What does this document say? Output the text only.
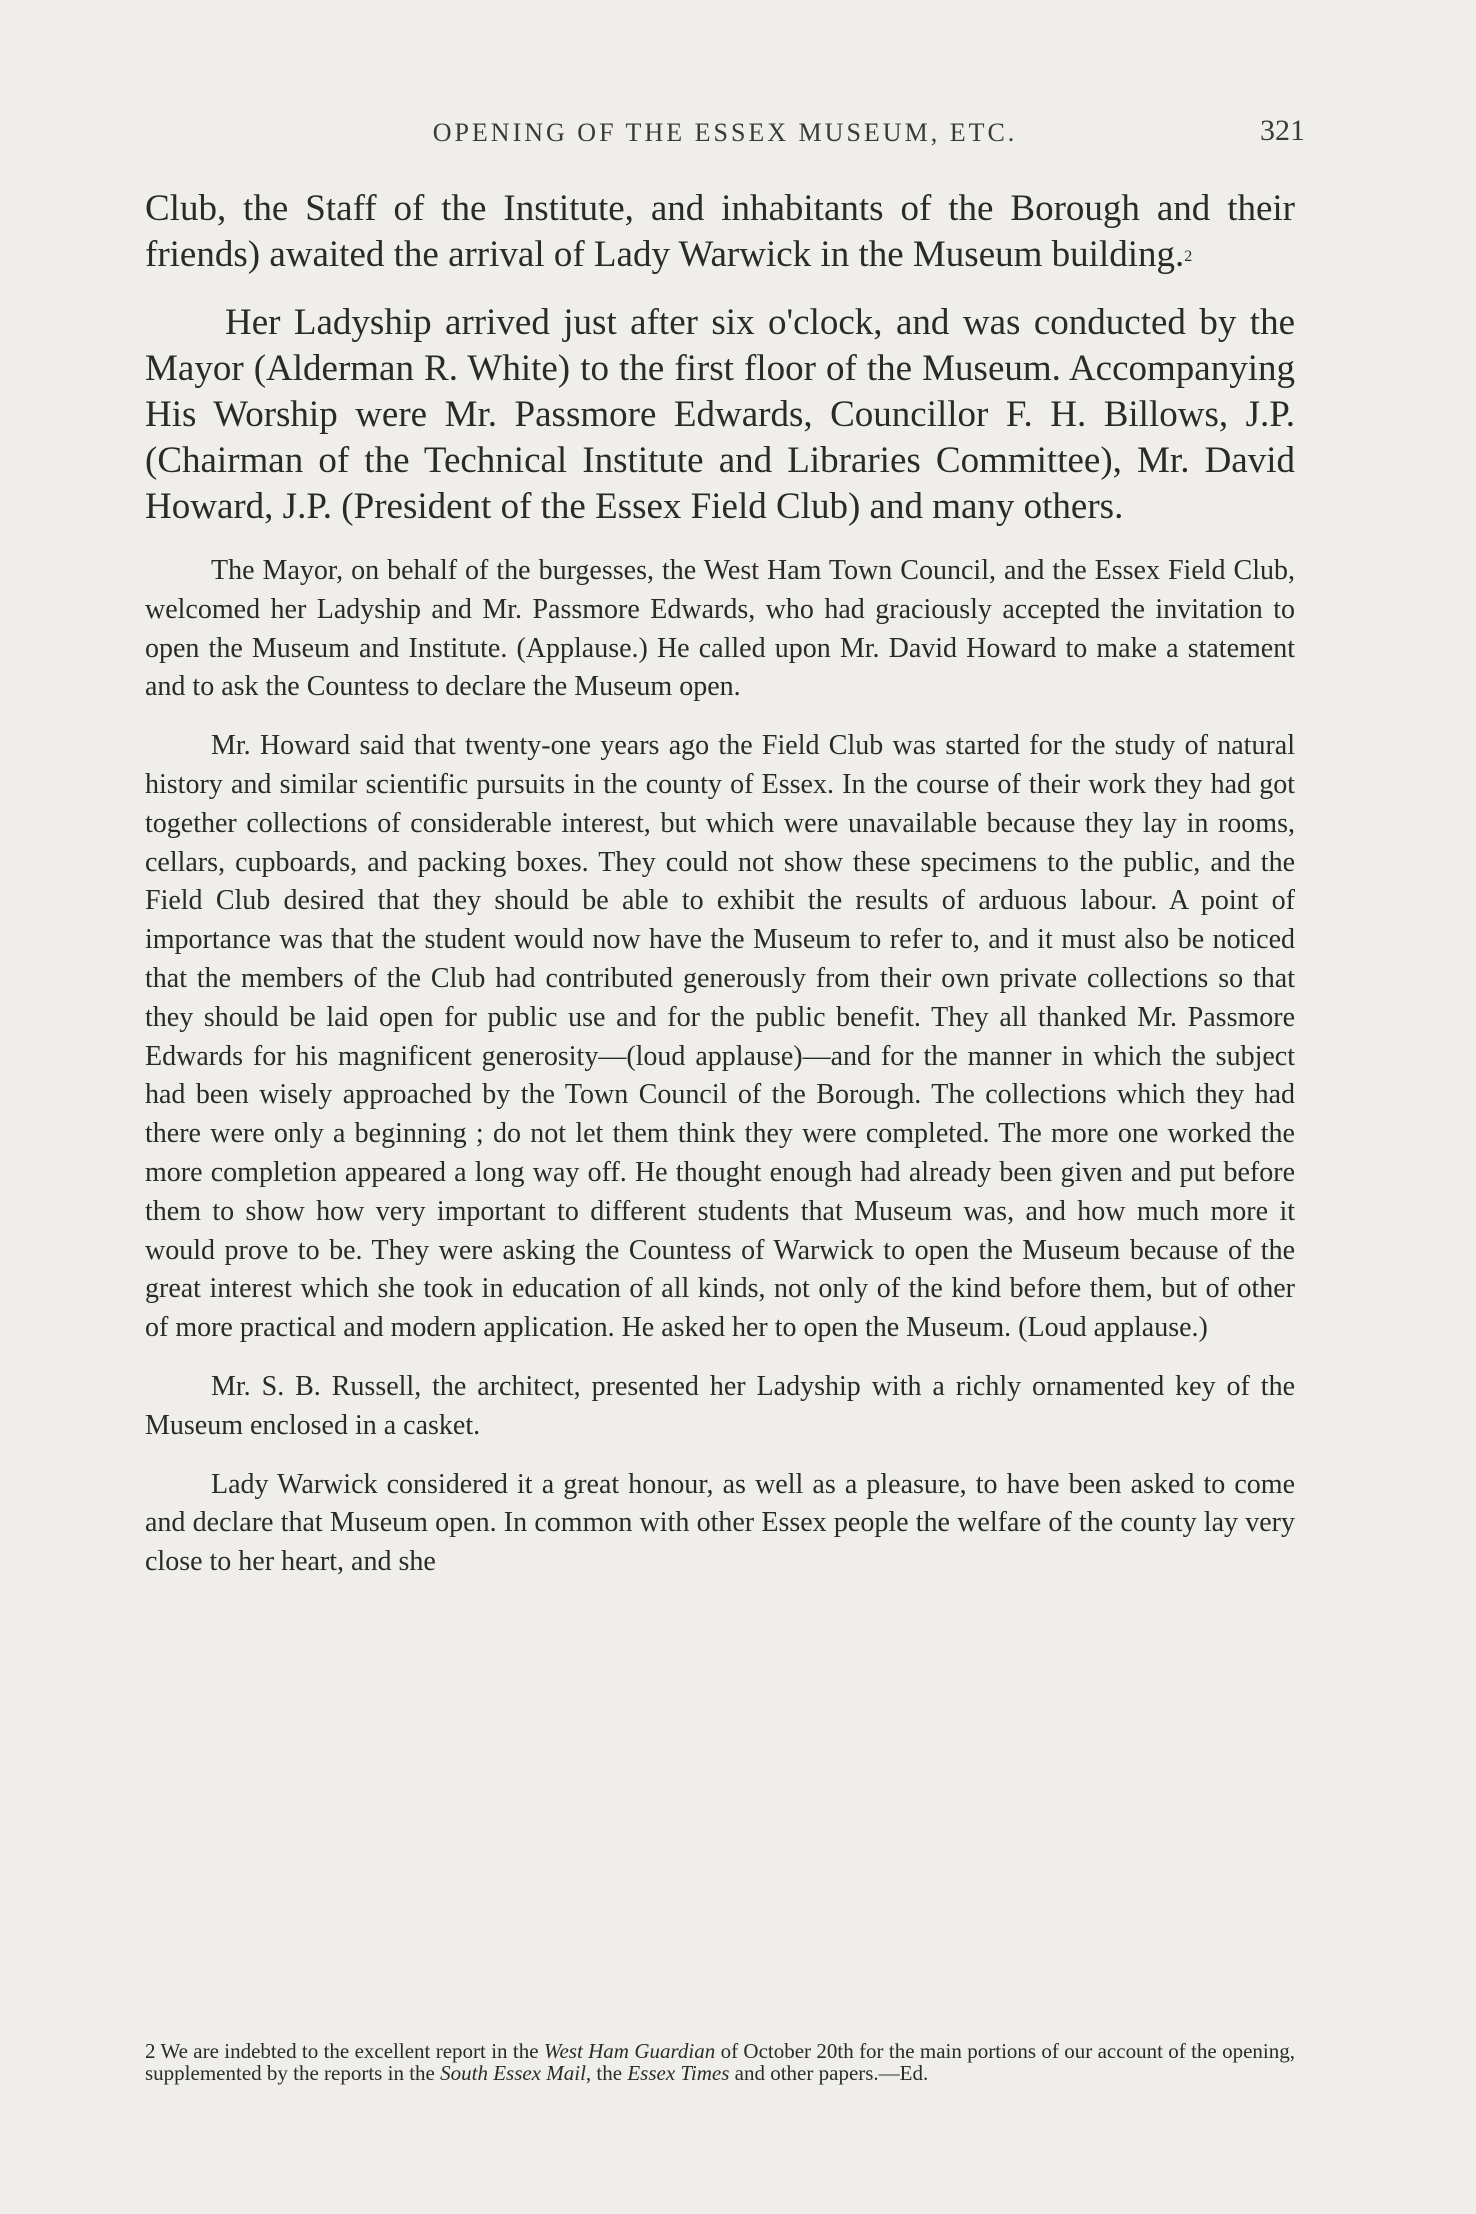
OPENING OF THE ESSEX MUSEUM, ETC.	321

Club, the Staff of the Institute, and inhabitants of the Borough and their friends) awaited the arrival of Lady Warwick in the Museum building.$^2$

Her Ladyship arrived just after six o'clock, and was conducted by the Mayor (Alderman R. White) to the first floor of the Museum. Accompanying His Worship were Mr. Passmore Edwards, Councillor F. H. Billows, J.P. (Chairman of the Technical Institute and Libraries Committee), Mr. David Howard, J.P. (President of the Essex Field Club) and many others.

The Mayor, on behalf of the burgesses, the West Ham Town Council, and the Essex Field Club, welcomed her Ladyship and Mr. Passmore Edwards, who had graciously accepted the invitation to open the Museum and Institute. (Applause.) He called upon Mr. David Howard to make a statement and to ask the Countess to declare the Museum open.

Mr. Howard said that twenty-one years ago the Field Club was started for the study of natural history and similar scientific pursuits in the county of Essex. In the course of their work they had got together collections of considerable interest, but which were unavailable because they lay in rooms, cellars, cupboards, and packing boxes. They could not show these specimens to the public, and the Field Club desired that they should be able to exhibit the results of arduous labour. A point of importance was that the student would now have the Museum to refer to, and it must also be noticed that the members of the Club had contributed generously from their own private collections so that they should be laid open for public use and for the public benefit. They all thanked Mr. Passmore Edwards for his magnificent generosity—(loud applause)—and for the manner in which the subject had been wisely approached by the Town Council of the Borough. The collections which they had there were only a beginning ; do not let them think they were completed. The more one worked the more completion appeared a long way off. He thought enough had already been given and put before them to show how very important to different students that Museum was, and how much more it would prove to be. They were asking the Countess of Warwick to open the Museum because of the great interest which she took in education of all kinds, not only of the kind before them, but of other of more practical and modern application. He asked her to open the Museum. (Loud applause.)

Mr. S. B. Russell, the architect, presented her Ladyship with a richly ornamented key of the Museum enclosed in a casket.

Lady Warwick considered it a great honour, as well as a pleasure, to have been asked to come and declare that Museum open. In common with other Essex people the welfare of the county lay very close to her heart, and she

2 We are indebted to the excellent report in the West Ham Guardian of October 20th for the main portions of our account of the opening, supplemented by the reports in the South Essex Mail, the Essex Times and other papers.—Ed.
